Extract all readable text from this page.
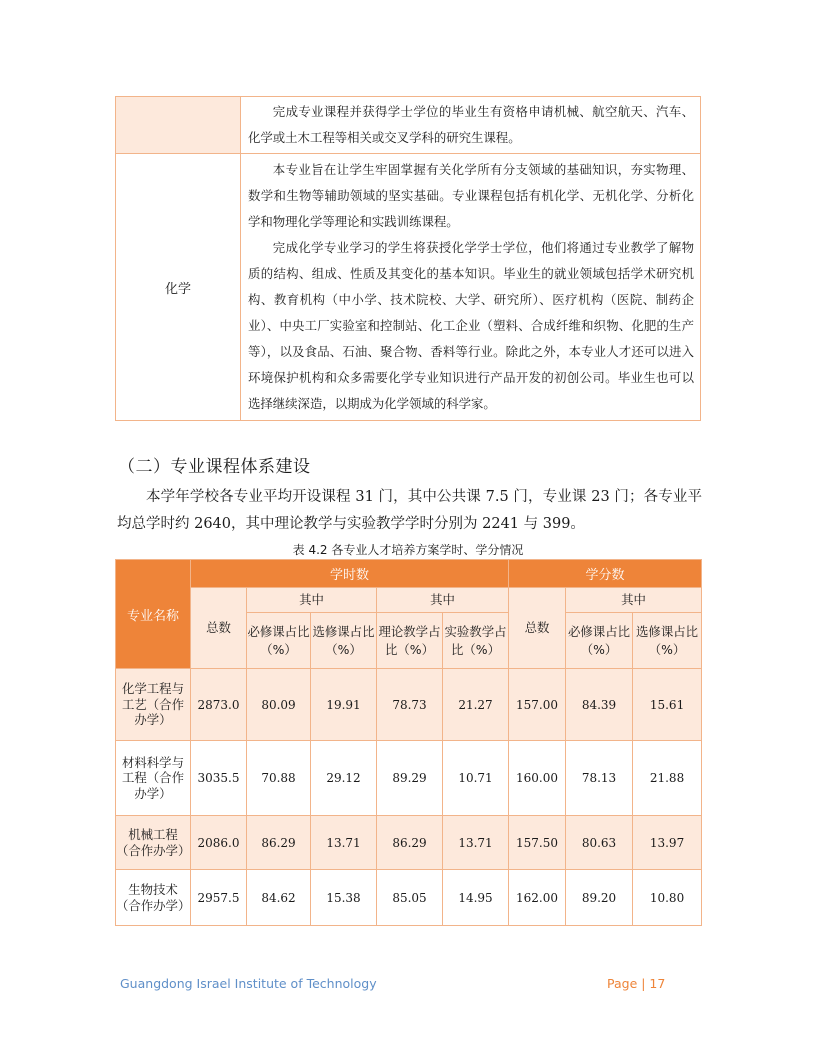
	完成专业课程并获得学士学位的毕业生有资格申请机械、航空航天、汽车、化学或土木工程等相关或交叉学科的研究生课程。

化学	本专业旨在让学生牢固掌握有关化学所有分支领域的基础知识，夯实物理、数学和生物等辅助领域的坚实基础。专业课程包括有机化学、无机化学、分析化学和物理化学等理论和实践训练课程。

完成化学专业学习的学生将获授化学学士学位，他们将通过专业教学了解物质的结构、组成、性质及其变化的基本知识。毕业生的就业领域包括学术研究机构、教育机构（中小学、技术院校、大学、研究所）、医疗机构（医院、制药企业）、中央工厂实验室和控制站、化工企业（塑料、合成纤维和织物、化肥的生产等），以及食品、石油、聚合物、香料等行业。除此之外，本专业人才还可以进入环境保护机构和众多需要化学专业知识进行产品开发的初创公司。毕业生也可以选择继续深造，以期成为化学领域的科学家。

（二）专业课程体系建设

本学年学校各专业平均开设课程 31 门，其中公共课 7.5 门，专业课 23 门；各专业平均总学时约 2640，其中理论教学与实验教学学时分别为 2241 与 399。

表 4.2 各专业人才培养方案学时、学分情况
专业名称	学时数					学分数		
	总数	其中		其中		总数	其中	
		必修课占比（%）	选修课占比（%）	理论教学占比（%）	实验教学占比（%）		必修课占比（%）	选修课占比（%）
化学工程与工艺（合作办学）	2873.0	80.09	19.91	78.73	21.27	157.00	84.39	15.61
材料科学与工程（合作办学）	3035.5	70.88	29.12	89.29	10.71	160.00	78.13	21.88
机械工程（合作办学）	2086.0	86.29	13.71	86.29	13.71	157.50	80.63	13.97
生物技术（合作办学）	2957.5	84.62	15.38	85.05	14.95	162.00	89.20	10.80
Guangdong Israel Institute of Technology	Page | 17
